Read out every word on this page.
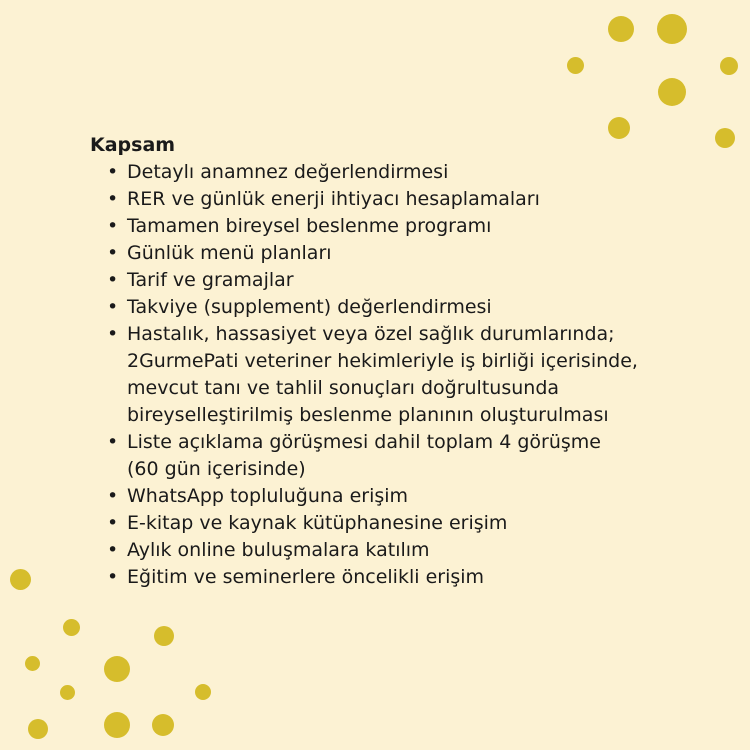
Kapsam
• Detaylı anamnez değerlendirmesi
• RER ve günlük enerji ihtiyacı hesaplamaları
• Tamamen bireysel beslenme programı
• Günlük menü planları
• Tarif ve gramajlar
• Takviye (supplement) değerlendirmesi
• Hastalık, hassasiyet veya özel sağlık durumlarında;
2GurmePati veteriner hekimleriyle iş birliği içerisinde,
mevcut tanı ve tahlil sonuçları doğrultusunda
bireyselleştirilmiş beslenme planının oluşturulması
• Liste açıklama görüşmesi dahil toplam 4 görüşme
(60 gün içerisinde)
• WhatsApp topluluğuna erişim
• E-kitap ve kaynak kütüphanesine erişim
• Aylık online buluşmalara katılım
• Eğitim ve seminerlere öncelikli erişim
